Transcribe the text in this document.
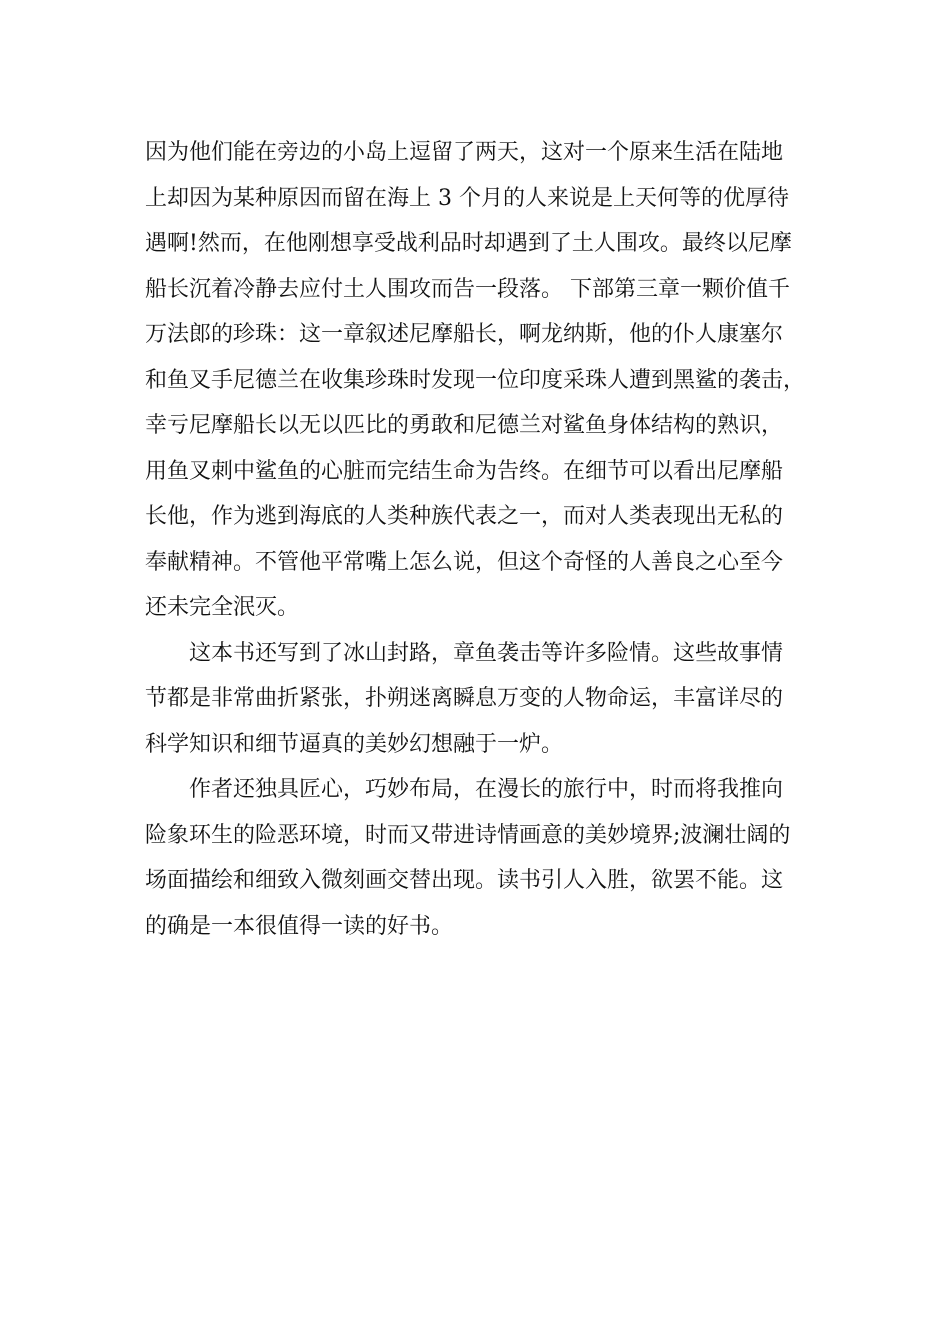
因为他们能在旁边的小岛上逗留了两天，这对一个原来生活在陆地
上却因为某种原因而留在海上 3 个月的人来说是上天何等的优厚待
遇啊!然而，在他刚想享受战利品时却遇到了土人围攻。最终以尼摩
船长沉着冷静去应付土人围攻而告一段落。 下部第三章一颗价值千
万法郎的珍珠：这一章叙述尼摩船长，啊龙纳斯，他的仆人康塞尔
和鱼叉手尼德兰在收集珍珠时发现一位印度采珠人遭到黑鲨的袭击，
幸亏尼摩船长以无以匹比的勇敢和尼德兰对鲨鱼身体结构的熟识，
用鱼叉刺中鲨鱼的心脏而完结生命为告终。在细节可以看出尼摩船
长他，作为逃到海底的人类种族代表之一，而对人类表现出无私的
奉献精神。不管他平常嘴上怎么说，但这个奇怪的人善良之心至今
还未完全泯灭。
这本书还写到了冰山封路，章鱼袭击等许多险情。这些故事情
节都是非常曲折紧张，扑朔迷离瞬息万变的人物命运，丰富详尽的
科学知识和细节逼真的美妙幻想融于一炉。
作者还独具匠心，巧妙布局，在漫长的旅行中，时而将我推向
险象环生的险恶环境，时而又带进诗情画意的美妙境界;波澜壮阔的
场面描绘和细致入微刻画交替出现。读书引人入胜，欲罢不能。这
的确是一本很值得一读的好书。
